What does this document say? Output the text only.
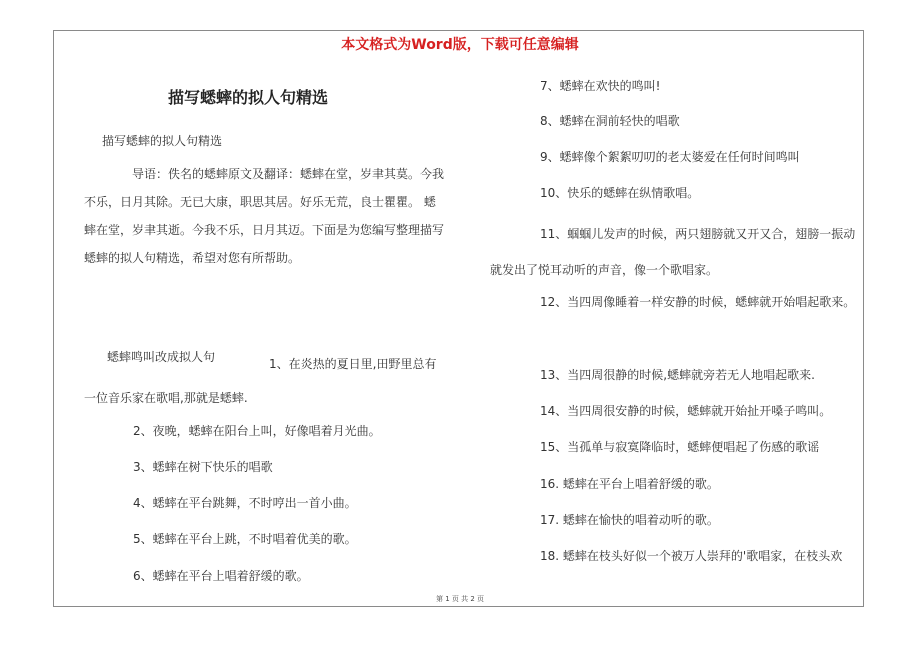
本文格式为Word版，下载可任意编辑
描写蟋蟀的拟人句精选

描写蟋蟀的拟人句精选

导语：佚名的蟋蟀原文及翻译：蟋蟀在堂，岁聿其莫。今我不乐，日月其除。无已大康，职思其居。好乐无荒，良士瞿瞿。 蟋蟀在堂，岁聿其逝。今我不乐，日月其迈。下面是为您编写整理描写蟋蟀的拟人句精选，希望对您有所帮助。

蟋蟀鸣叫改成拟人句	1、在炎热的夏日里,田野里总有一位音乐家在歌唱,那就是蟋蟀.
2、夜晚，蟋蟀在阳台上叫，好像唱着月光曲。
3、蟋蟀在树下快乐的唱歌
4、蟋蟀在平台跳舞，不时哼出一首小曲。
5、蟋蟀在平台上跳，不时唱着优美的歌。
6、蟋蟀在平台上唱着舒缓的歌。
7、蟋蟀在欢快的鸣叫!
8、蟋蟀在洞前轻快的唱歌
9、蟋蟀像个絮絮叨叨的老太婆爱在任何时间鸣叫
10、快乐的蟋蟀在纵情歌唱。
11、蝈蝈儿发声的时候，两只翅膀就又开又合，翅膀一振动就发出了悦耳动听的声音，像一个歌唱家。
12、当四周像睡着一样安静的时候，蟋蟀就开始唱起歌来。
13、当四周很静的时候,蟋蟀就旁若无人地唱起歌来.
14、当四周很安静的时候，蟋蟀就开始扯开嗓子鸣叫。
15、当孤单与寂寞降临时，蟋蟀便唱起了伤感的歌谣
16. 蟋蟀在平台上唱着舒缓的歌。
17. 蟋蟀在愉快的唱着动听的歌。
18. 蟋蟀在枝头好似一个被万人崇拜的'歌唱家，在枝头欢
第 1 页 共 2 页
